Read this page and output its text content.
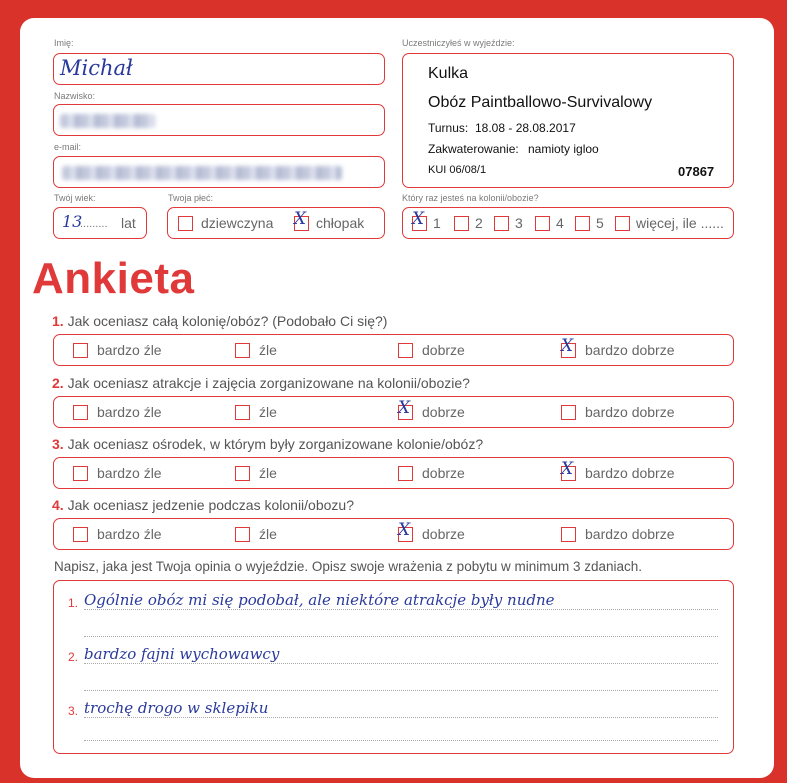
Imię:
Michał
Nazwisko:
e-mail:
Twój wiek:
13
......... lat
Twoja płeć:
dziewczyna X chłopak
Uczestniczyłeś w wyjeździe:
Kulka
Obóz Paintballowo-Survivalowy
Turnus: 18.08 - 28.08.2017
Zakwaterowanie: namioty igloo
KUI 06/08/1	07867
Który raz jesteś na kolonii/obozie?
X 1 2 3 4 5 więcej, ile ......
Ankieta
1. Jak oceniasz całą kolonię/obóz? (Podobało Ci się?)
bardzo źle	źle	dobrze	X bardzo dobrze
2. Jak oceniasz atrakcje i zajęcia zorganizowane na kolonii/obozie?
bardzo źle	źle	X dobrze	bardzo dobrze
3. Jak oceniasz ośrodek, w którym były zorganizowane kolonie/obóz?
bardzo źle	źle	dobrze	X bardzo dobrze
4. Jak oceniasz jedzenie podczas kolonii/obozu?
bardzo źle	źle	X dobrze	bardzo dobrze
Napisz, jaka jest Twoja opinia o wyjeździe. Opisz swoje wrażenia z pobytu w minimum 3 zdaniach.
1. Ogólnie obóz mi się podobał, ale niektóre atrakcje były nudne
2. bardzo fajni wychowawcy
3. trochę drogo w sklepiku
